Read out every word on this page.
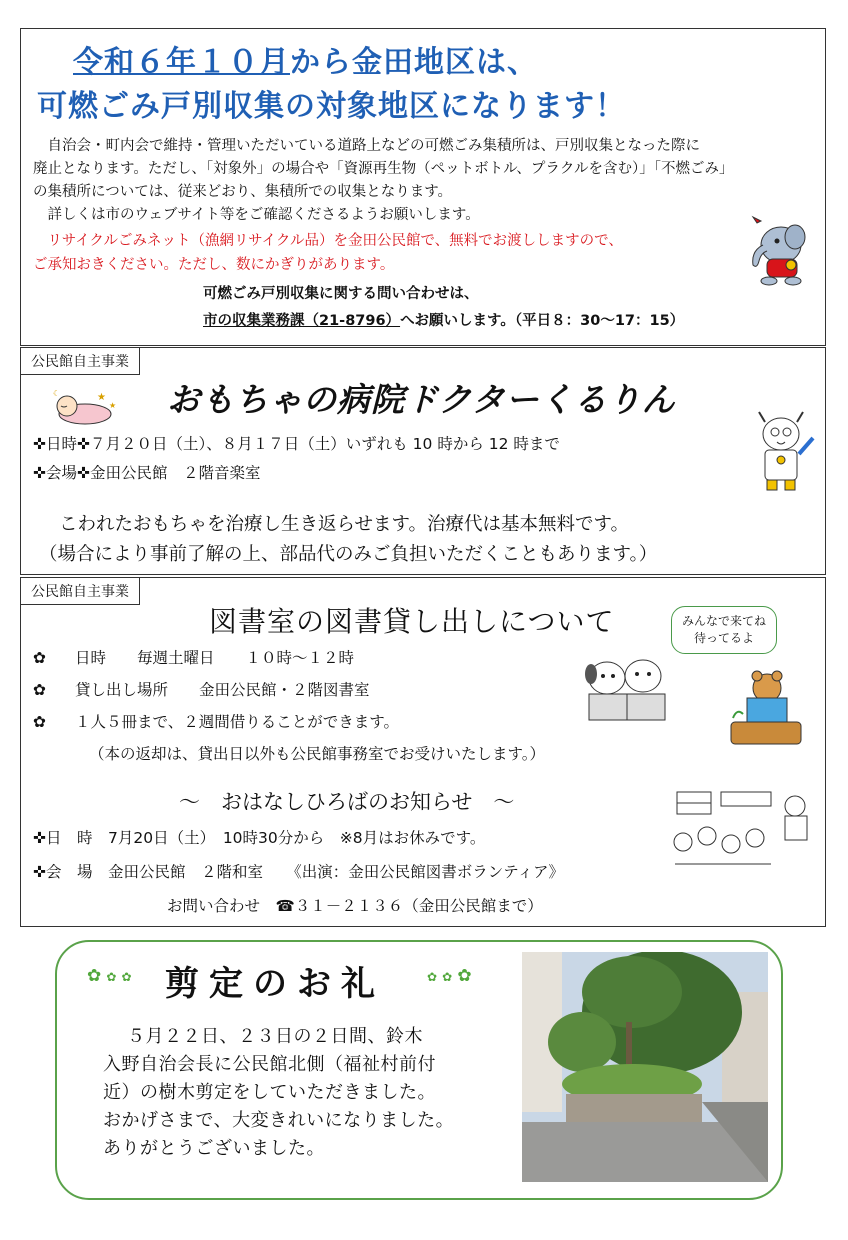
令和６年１０月から金田地区は、
可燃ごみ戸別収集の対象地区になります！
　自治会・町内会で維持・管理いただいている道路上などの可燃ごみ集積所は、戸別収集となった際に
廃止となります。ただし、「対象外」の場合や「資源再生物（ペットボトル、プラクルを含む）」「不燃ごみ」
の集積所については、従来どおり、集積所での収集となります。
　詳しくは市のウェブサイト等をご確認くださるようお願いします。
　リサイクルごみネット（漁網リサイクル品）を金田公民館で、無料でお渡ししますので、
ご承知おきください。ただし、数にかぎりがあります。
可燃ごみ戸別収集に関する問い合わせは、
市の収集業務課（21-8796）へお願いします。（平日８：30～17：15）
公民館自主事業
★
★
☾	おもちゃの病院ドクターくるりん
✜日時✜７月２０日（土）、８月１７日（土）いずれも 10 時から 12 時まで
✜会場✜金田公民館　２階音楽室
こわれたおもちゃを治療し生き返らせます。治療代は基本無料です。
（場合により事前了解の上、部品代のみご負担いただくこともあります。）
公民館自主事業
図書室の図書貸し出しについて	みんなで来てね
待ってるよ
✿ 日時　　毎週土曜日　　１０時～１２時
✿ 貸し出し場所　　金田公民館・２階図書室
✿ １人５冊まで、２週間借りることができます。
（本の返却は、貸出日以外も公民館事務室でお受けいたします。）
～　おはなしひろばのお知らせ　～
✜日　時　7月20日（土）　10時30分から　※8月はお休みです。
✜会　場　金田公民館　２階和室　　《出演：金田公民館図書ボランティア》
お問い合わせ　☎３１－２１３６（金田公民館まで）
✿ ✿ ✿ 剪定のお礼	✿ ✿ ✿
５月２２日、２３日の２日間、鈴木
入野自治会長に公民館北側（福祉村前付
近）の樹木剪定をしていただきました。
おかげさまで、大変きれいになりました。
ありがとうございました。
